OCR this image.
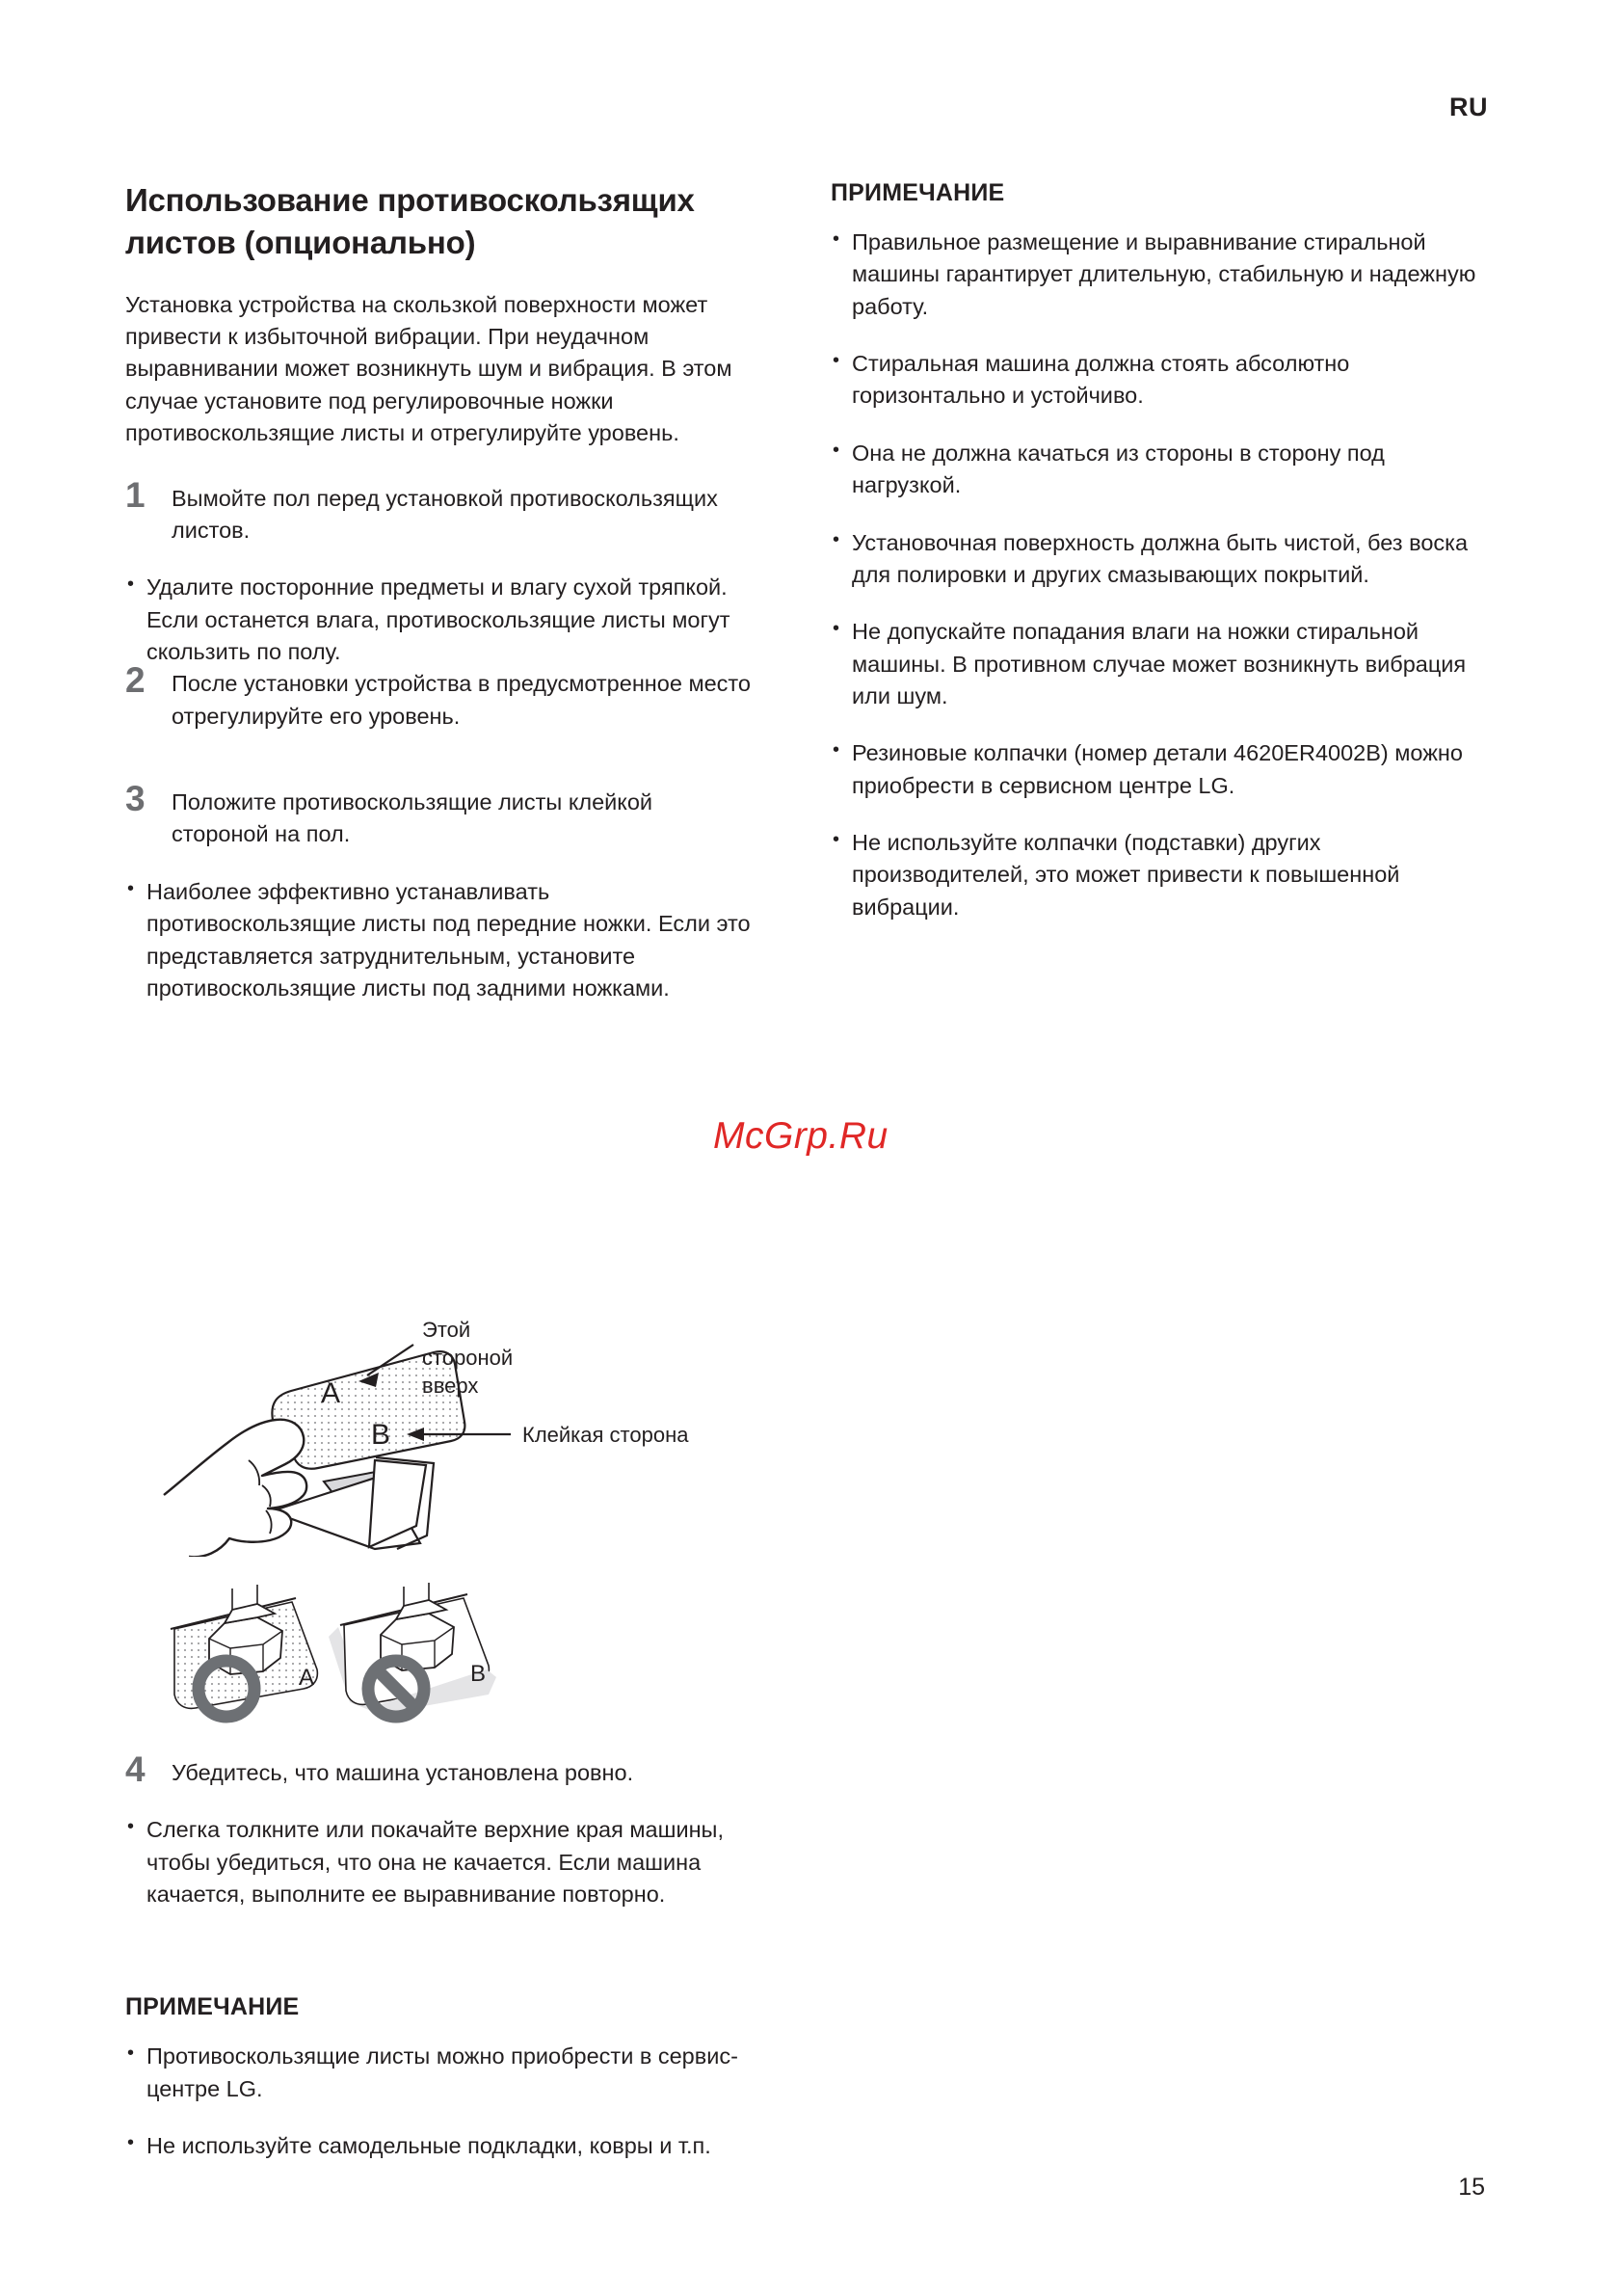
RU
Использование противоскользящих листов (опционально)

Установка устройства на скользкой поверхности может привести к избыточной вибрации. При неудачном выравнивании может возникнуть шум и вибрация. В этом случае установите под регулировочные ножки противоскользящие листы и отрегулируйте уровень.

1	Вымойте пол перед установкой противоскользящих листов.
• Удалите посторонние предметы и влагу сухой тряпкой. Если останется влага, противоскользящие листы могут скользить по полу.
2	После установки устройства в предусмотренное место отрегулируйте его уровень.
3	Положите противоскользящие листы клейкой стороной на пол.
• Наиболее эффективно устанавливать противоскользящие листы под передние ножки. Если это представляется затруднительным, установите противоскользящие листы под задними ножками.
McGrp.Ru
A
B
Этой
стороной
вверх
Клейкая сторона
A	B
4	Убедитесь, что машина установлена ровно.
• Слегка толкните или покачайте верхние края машины, чтобы убедиться, что она не качается. Если машина качается, выполните ее выравнивание повторно.
ПРИМЕЧАНИЕ
• Противоскользящие листы можно приобрести в сервис-центре LG.
• Не используйте самодельные подкладки, ковры и т.п.
ПРИМЕЧАНИЕ
• Правильное размещение и выравнивание стиральной машины гарантирует длительную, стабильную и надежную работу.
• Стиральная машина должна стоять абсолютно горизонтально и устойчиво.
• Она не должна качаться из стороны в сторону под нагрузкой.
• Установочная поверхность должна быть чистой, без воска для полировки и других смазывающих покрытий.
• Не допускайте попадания влаги на ножки стиральной машины. В противном случае может возникнуть вибрация или шум.
• Резиновые колпачки (номер детали 4620ER4002B) можно приобрести в сервисном центре LG.
• Не используйте колпачки (подставки) других производителей, это может привести к повышенной вибрации.
15
